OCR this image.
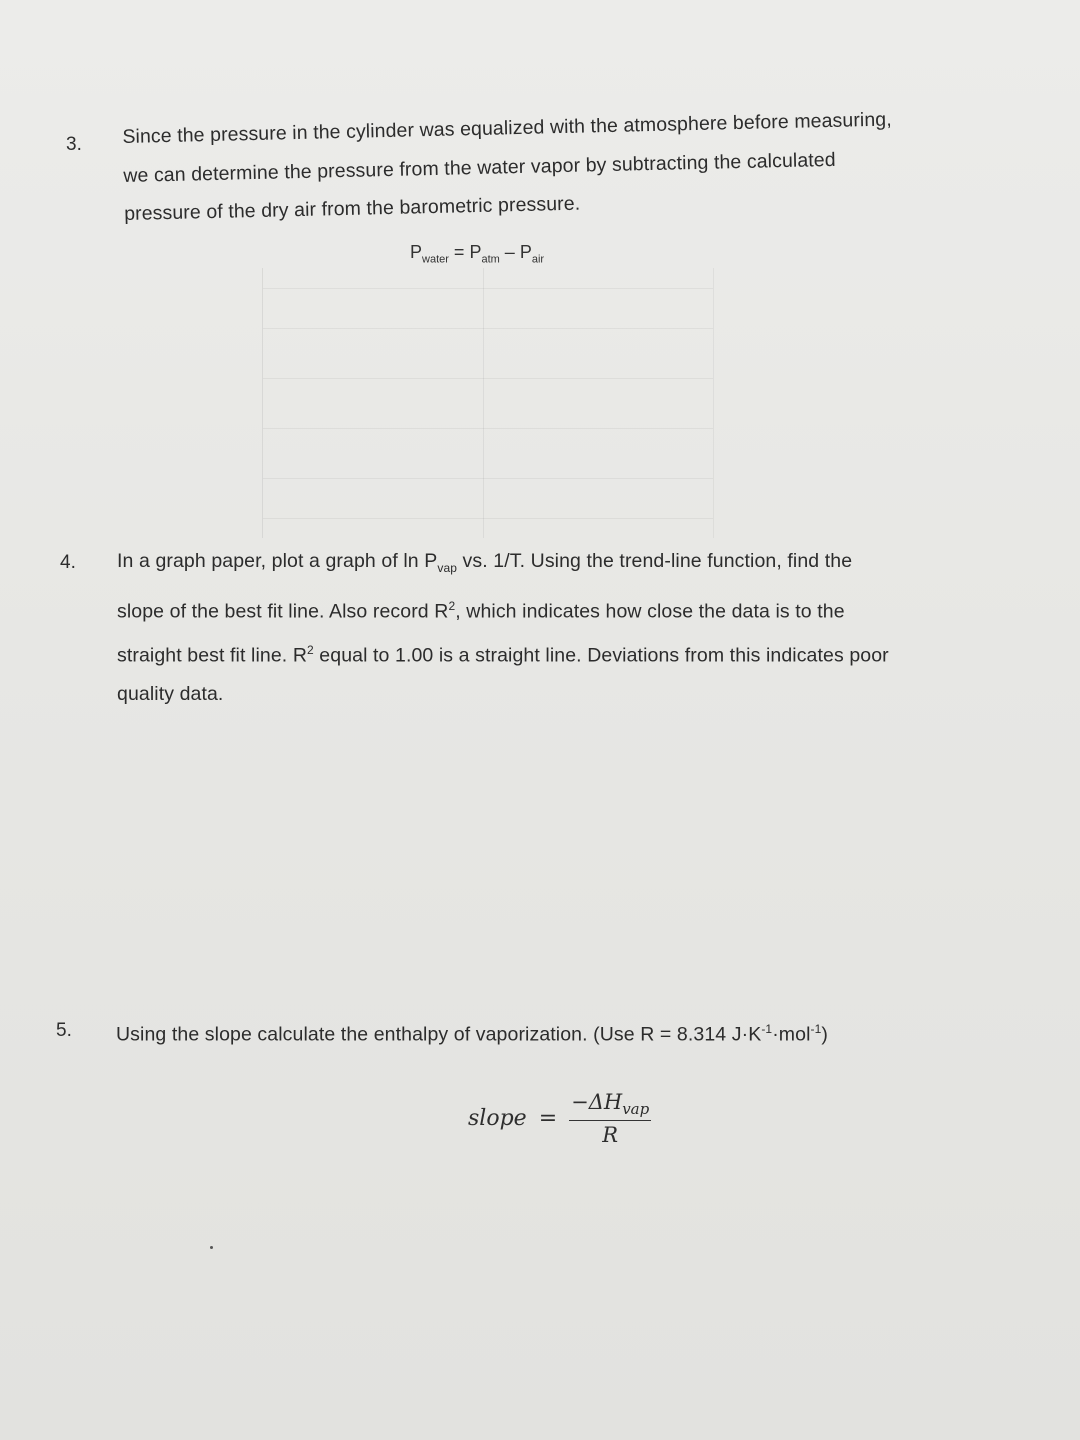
3. Since the pressure in the cylinder was equalized with the atmosphere before measuring,
we can determine the pressure from the water vapor by subtracting the calculated
pressure of the dry air from the barometric pressure.
$P_{water} = P_{atm} - P_{air}$
4. In a graph paper, plot a graph of $\ln P_{vap}$ vs. 1/T. Using the trend-line function, find the
slope of the best fit line. Also record $R^2$, which indicates how close the data is to the
straight best fit line. $R^2$ equal to 1.00 is a straight line. Deviations from this indicates poor
quality data.
5. Using the slope calculate the enthalpy of vaporization. (Use R = 8.314 $J\cdot K^{-1}\cdot mol^{-1}$)
slope = $\frac{-\Delta H_{vap}}{R}$
